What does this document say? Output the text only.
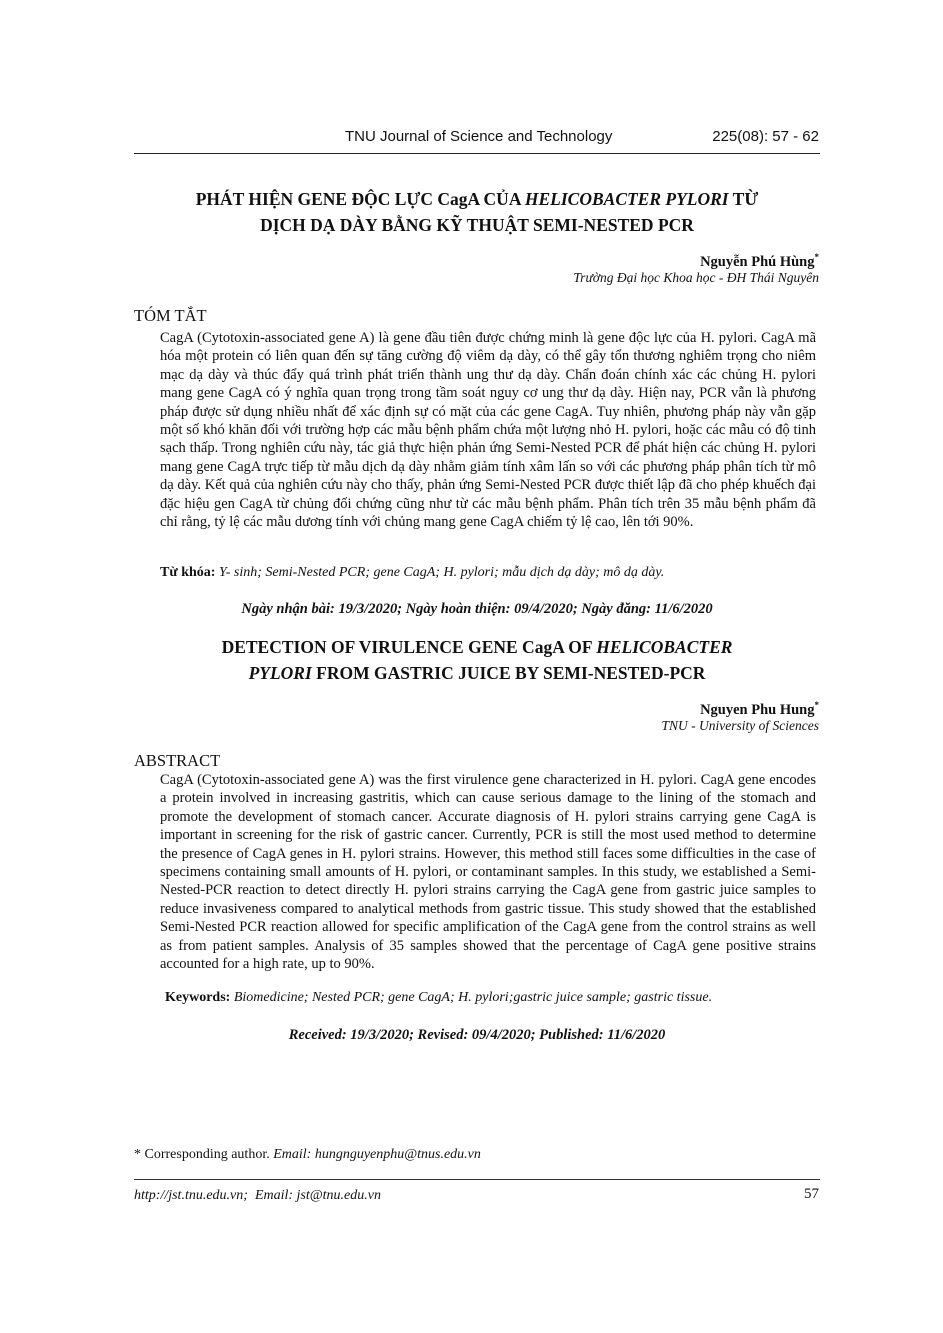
TNU Journal of Science and Technology	225(08): 57 - 62
PHÁT HIỆN GENE ĐỘC LỰC CagA CỦA HELICOBACTER PYLORI TỪ
DỊCH DẠ DÀY BẰNG KỸ THUẬT SEMI-NESTED PCR
Nguyễn Phú Hùng*
Trường Đại học Khoa học - ĐH Thái Nguyên
TÓM TẮT
CagA (Cytotoxin-associated gene A) là gene đầu tiên được chứng minh là gene độc lực của H. pylori. CagA mã hóa một protein có liên quan đến sự tăng cường độ viêm dạ dày, có thể gây tổn thương nghiêm trọng cho niêm mạc dạ dày và thúc đẩy quá trình phát triển thành ung thư dạ dày. Chẩn đoán chính xác các chủng H. pylori mang gene CagA có ý nghĩa quan trọng trong tầm soát nguy cơ ung thư dạ dày. Hiện nay, PCR vẫn là phương pháp được sử dụng nhiều nhất để xác định sự có mặt của các gene CagA. Tuy nhiên, phương pháp này vẫn gặp một số khó khăn đối với trường hợp các mẫu bệnh phẩm chứa một lượng nhỏ H. pylori, hoặc các mẫu có độ tinh sạch thấp. Trong nghiên cứu này, tác giả thực hiện phản ứng Semi-Nested PCR để phát hiện các chủng H. pylori mang gene CagA trực tiếp từ mẫu dịch dạ dày nhằm giảm tính xâm lấn so với các phương pháp phân tích từ mô dạ dày. Kết quả của nghiên cứu này cho thấy, phản ứng Semi-Nested PCR được thiết lập đã cho phép khuếch đại đặc hiệu gen CagA từ chủng đối chứng cũng như từ các mẫu bệnh phẩm. Phân tích trên 35 mẫu bệnh phẩm đã chỉ rằng, tỷ lệ các mẫu dương tính với chủng mang gene CagA chiếm tỷ lệ cao, lên tới 90%.
Từ khóa: Y- sinh; Semi-Nested PCR; gene CagA; H. pylori; mẫu dịch dạ dày; mô dạ dày.
Ngày nhận bài: 19/3/2020; Ngày hoàn thiện: 09/4/2020; Ngày đăng: 11/6/2020
DETECTION OF VIRULENCE GENE CagA OF HELICOBACTER
PYLORI FROM GASTRIC JUICE BY SEMI-NESTED-PCR
Nguyen Phu Hung*
TNU - University of Sciences
ABSTRACT
CagA (Cytotoxin-associated gene A) was the first virulence gene characterized in H. pylori. CagA gene encodes a protein involved in increasing gastritis, which can cause serious damage to the lining of the stomach and promote the development of stomach cancer. Accurate diagnosis of H. pylori strains carrying gene CagA is important in screening for the risk of gastric cancer. Currently, PCR is still the most used method to determine the presence of CagA genes in H. pylori strains. However, this method still faces some difficulties in the case of specimens containing small amounts of H. pylori, or contaminant samples. In this study, we established a Semi-Nested-PCR reaction to detect directly H. pylori strains carrying the CagA gene from gastric juice samples to reduce invasiveness compared to analytical methods from gastric tissue. This study showed that the established Semi-Nested PCR reaction allowed for specific amplification of the CagA gene from the control strains as well as from patient samples. Analysis of 35 samples showed that the percentage of CagA gene positive strains accounted for a high rate, up to 90%.
Keywords: Biomedicine; Nested PCR; gene CagA; H. pylori;gastric juice sample; gastric tissue.
Received: 19/3/2020; Revised: 09/4/2020; Published: 11/6/2020
* Corresponding author. Email: hungnguyenphu@tnus.edu.vn
http://jst.tnu.edu.vn; Email: jst@tnu.edu.vn	57
